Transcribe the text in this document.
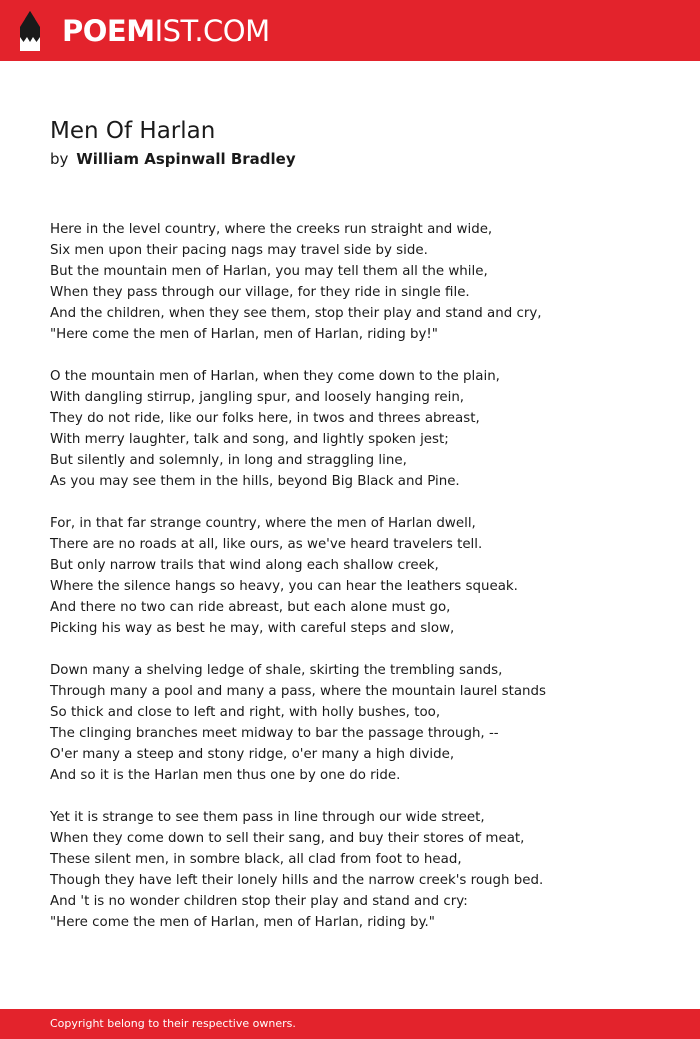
POEMIST.COM
Men Of Harlan
by William Aspinwall Bradley
Here in the level country, where the creeks run straight and wide,
Six men upon their pacing nags may travel side by side.
But the mountain men of Harlan, you may tell them all the while,
When they pass through our village, for they ride in single file.
And the children, when they see them, stop their play and stand and cry,
"Here come the men of Harlan, men of Harlan, riding by!"
O the mountain men of Harlan, when they come down to the plain,
With dangling stirrup, jangling spur, and loosely hanging rein,
They do not ride, like our folks here, in twos and threes abreast,
With merry laughter, talk and song, and lightly spoken jest;
But silently and solemnly, in long and straggling line,
As you may see them in the hills, beyond Big Black and Pine.
For, in that far strange country, where the men of Harlan dwell,
There are no roads at all, like ours, as we've heard travelers tell.
But only narrow trails that wind along each shallow creek,
Where the silence hangs so heavy, you can hear the leathers squeak.
And there no two can ride abreast, but each alone must go,
Picking his way as best he may, with careful steps and slow,
Down many a shelving ledge of shale, skirting the trembling sands,
Through many a pool and many a pass, where the mountain laurel stands
So thick and close to left and right, with holly bushes, too,
The clinging branches meet midway to bar the passage through, --
O'er many a steep and stony ridge, o'er many a high divide,
And so it is the Harlan men thus one by one do ride.
Yet it is strange to see them pass in line through our wide street,
When they come down to sell their sang, and buy their stores of meat,
These silent men, in sombre black, all clad from foot to head,
Though they have left their lonely hills and the narrow creek's rough bed.
And 't is no wonder children stop their play and stand and cry:
"Here come the men of Harlan, men of Harlan, riding by."
Copyright belong to their respective owners.
